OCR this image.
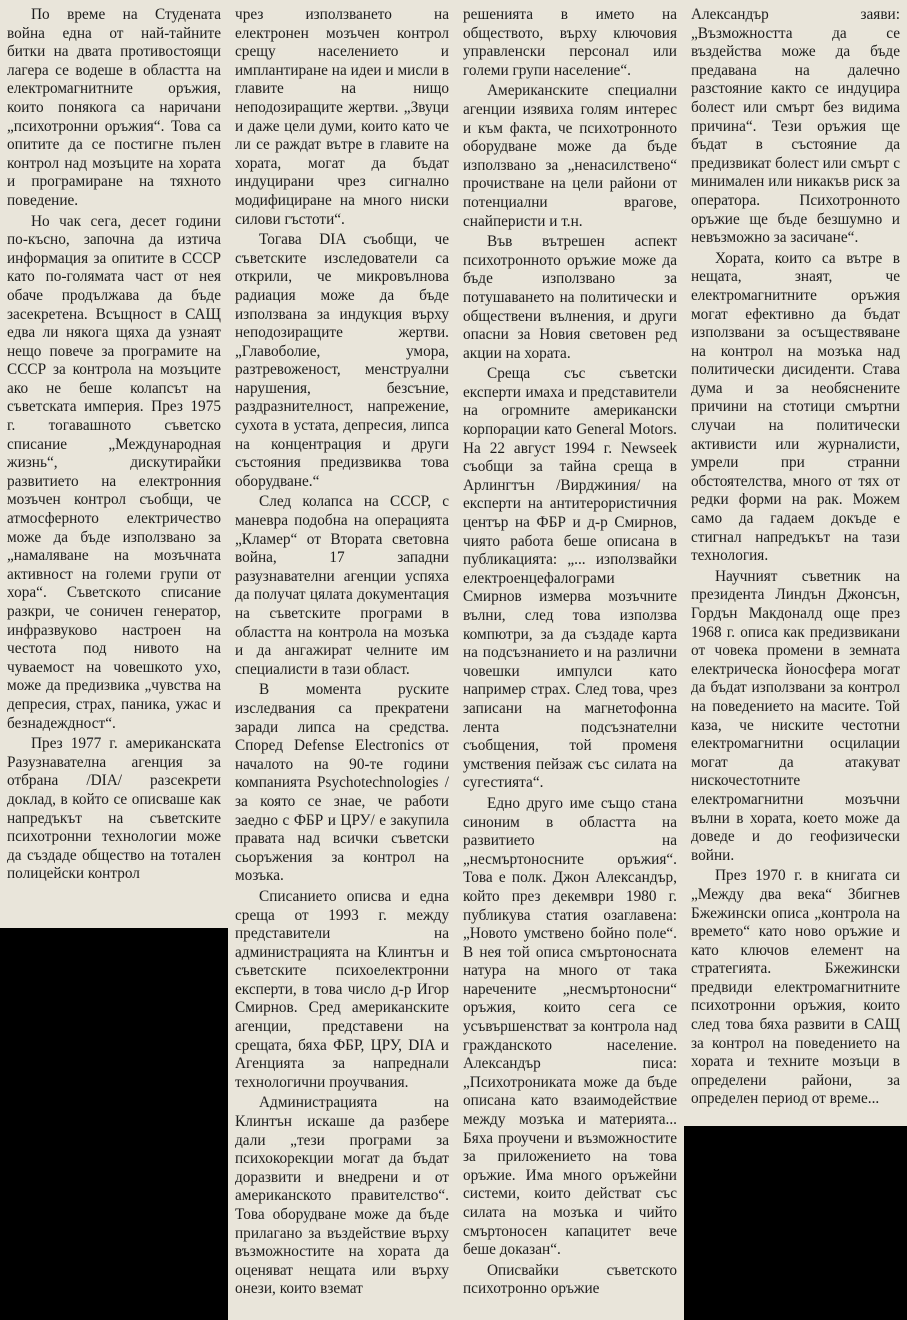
По време на Студената война една от най-тайните битки на двата противостоящи лагера се водеше в областта на електромагнитните оръжия, които понякога са наричани „психотронни оръжия“. Това са опитите да се постигне пълен контрол над мозъците на хората и програмиране на тяхното поведение.

Но чак сега, десет години по-късно, започна да изтича информация за опитите в СССР като по-голямата част от нея обаче продължава да бъде засекретена. Всъщност в САЩ едва ли някога щяха да узнаят нещо повече за програмите на СССР за контрола на мозъците ако не беше колапсът на съветската империя. През 1975 г. тогавашното съветско списание „Международная жизнь“, дискутирайки развитието на електронния мозъчен контрол съобщи, че атмосферното електричество може да бъде използвано за „намаляване на мозъчната активност на големи групи от хора“. Съветското списание разкри, че соничен генератор, инфразвуково настроен на честота под нивото на чуваемост на човешкото ухо, може да предизвика „чувства на депресия, страх, паника, ужас и безнадеждност“.

През 1977 г. американската Разузнавателна агенция за отбрана /DIA/ разсекрети доклад, в който се описваше как напредъкът на съветските психотронни технологии може да създаде общество на тотален полицейски контрол

чрез използването на електронен мозъчен контрол срещу населението и имплантиране на идеи и мисли в главите на нищо неподозиращите жертви. „Звуци и даже цели думи, които като че ли се раждат вътре в главите на хората, могат да бъдат индуцирани чрез сигнално модифициране на много ниски силови гъстоти“.

Тогава DIA съобщи, че съветските изследователи са открили, че микровълнова радиация може да бъде използвана за индукция върху неподозиращите жертви. „Главоболие, умора, разтревоженост, менструални нарушения, безсъние, раздразнителност, напрежение, сухота в устата, депресия, липса на концентрация и други състояния предизвиква това оборудване.“

След колапса на СССР, с маневра подобна на операцията „Кламер“ от Втората световна война, 17 западни разузнавателни агенции успяха да получат цялата документация на съветските програми в областта на контрола на мозъка и да ангажират челните им специалисти в тази област.

В момента руските изследвания са прекратени заради липса на средства. Според Defense Electronics от началото на 90-те години компанията Psychotechnologies /за която се знае, че работи заедно с ФБР и ЦРУ/ е закупила правата над всички съветски сьоръжения за контрол на мозъка.

Списанието описва и една среща от 1993 г. между представители на администрацията на Клинтън и съветските психоелектронни експерти, в това число д-р Игор Смирнов. Сред американските агенции, представени на срещата, бяха ФБР, ЦРУ, DIA и Агенцията за напреднали технологични проучвания.

Администрацията на Клинтън искаше да разбере дали „тези програми за психокорекции могат да бъдат доразвити и внедрени и от американското правителство“. Това оборудване може да бъде прилагано за въздействие върху възможностите на хората да оценяват нещата или върху онези, които вземат

решенията в името на обществото, върху ключовия управленски персонал или големи групи население“.

Американските специални агенции изявиха голям интерес и към факта, че психотронното оборудване може да бъде използвано за „ненасилствено“ прочистване на цели райони от потенциални врагове, снайперисти и т.н.

Във вътрешен аспект психотронното оръжие може да бъде използвано за потушаването на политически и обществени вълнения, и други опасни за Новия световен ред акции на хората.

Среща със съветски експерти имаха и представители на огромните американски корпорации като General Motors. На 22 август 1994 г. Newseek съобщи за тайна среща в Арлингтън /Вирджиния/ на експерти на антитерористичния център на ФБР и д-р Смирнов, чиято работа беше описана в публикацията: „... използвайки електроенцефалограми Смирнов измерва мозъчните вълни, след това използва компютри, за да създаде карта на подсъзнанието и на различни човешки импулси като например страх. След това, чрез записани на магнетофонна лента подсъзнателни съобщения, той променя умствения пейзаж със силата на сугестията“.

Едно друго име също стана синоним в областта на развитието на „несмъртоносните оръжия“. Това е полк. Джон Александър, който през декември 1980 г. публикува статия озаглавена: „Новото умствено бойно поле“. В нея той описа смъртоносната натура на много от така наречените „несмъртоносни“ оръжия, които сега се усъвършенстват за контрола над гражданското население. Александър писа: „Психотрониката може да бъде описана като взаимодействие между мозъка и материята... Бяха проучени и възможностите за приложението на това оръжие. Има много оръжейни системи, които действат със силата на мозъка и чийто смъртоносен капацитет вече беше доказан“.

Описвайки съветското психотронно оръжие

Александър заяви: „Възможността да се въздейства може да бъде предавана на далечно разстояние както се индуцира болест или смърт без видима причина“. Тези оръжия ще бъдат в състояние да предизвикат болест или смърт с минимален или никакъв риск за оператора. Психотронното оръжие ще бъде безшумно и невъзможно за засичане“.

Хората, които са вътре в нещата, знаят, че електромагнитните оръжия могат ефективно да бъдат използвани за осъществяване на контрол на мозъка над политически дисиденти. Става дума и за необяснените причини на стотици смъртни случаи на политически активисти или журналисти, умрели при странни обстоятелства, много от тях от редки форми на рак. Можем само да гадаем докъде е стигнал напредъкът на тази технология.

Научният съветник на президента Линдън Джонсън, Гордън Макдоналд още през 1968 г. описа как предизвикани от човека промени в земната електрическа йоносфера могат да бъдат използвани за контрол на поведението на масите. Той каза, че ниските честотни електромагнитни осцилации могат да атакуват нискочестотните електромагнитни мозъчни вълни в хората, което може да доведе и до геофизически войни.

През 1970 г. в книгата си „Между два века“ Збигнев Бжежински описа „контрола на времето“ като ново оръжие и като ключов елемент на стратегията. Бжежински предвиди електромагнитните психотронни оръжия, които след това бяха развити в САЩ за контрол на поведението на хората и техните мозъци в определени райони, за определен период от време...
